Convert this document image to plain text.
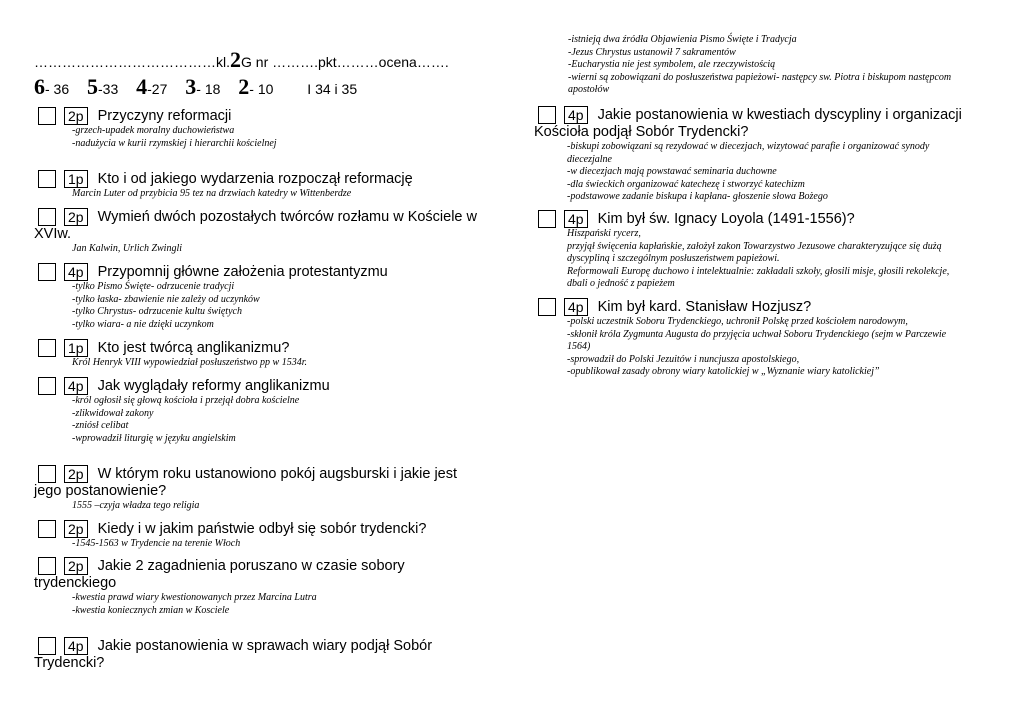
…………………………………kl.2G nr ……….pkt………ocena…….
6- 36 5-33 4-27 3- 18 2- 10 I 34 i 35
2p Przyczyny reformacji
-grzech-upadek moralny duchowieństwa
-nadużycia w kurii rzymskiej i hierarchii kościelnej
1p Kto i od jakiego wydarzenia rozpoczął reformację
Marcin Luter od przybicia 95 tez na drzwiach katedry w Wittenberdze
2p Wymień dwóch pozostałych twórców rozłamu w Kościele w
XVIw.
Jan Kalwin, Urlich Zwingli
4p Przypomnij główne założenia protestantyzmu
-tylko Pismo Święte- odrzucenie tradycji
-tylko łaska- zbawienie nie zależy od uczynków
-tylko Chrystus- odrzucenie kultu świętych
-tylko wiara- a nie dzięki uczynkom
1p Kto jest twórcą anglikanizmu?
Król Henryk VIII wypowiedział posłuszeństwo pp w 1534r.
4p Jak wyglądały reformy anglikanizmu
-król ogłosił się głową kościoła i przejął dobra kościelne
-zlikwidował zakony
-zniósł celibat
-wprowadził liturgię w języku angielskim
2p W którym roku ustanowiono pokój augsburski i jakie jest
jego postanowienie?
1555 –czyja władza tego religia
2p Kiedy i w jakim państwie odbył się sobór trydencki?
-1545-1563 w Trydencie na terenie Włoch
2p Jakie 2 zagadnienia poruszano w czasie sobory
trydenckiego
-kwestia prawd wiary kwestionowanych przez Marcina Lutra
-kwestia koniecznych zmian w Kosciele
4p Jakie postanowienia w sprawach wiary podjął Sobór
Trydencki?
-istnieją dwa źródła Objawienia Pismo Święte i Tradycja
-Jezus Chrystus ustanowił 7 sakramentów
-Eucharystia nie jest symbolem, ale rzeczywistością
-wierni są zobowiązani do posłuszeństwa papieżowi- następcy sw. Piotra i biskupom następcom
apostołów
4p Jakie postanowienia w kwestiach dyscypliny i organizacji
Kościoła podjął Sobór Trydencki?
-biskupi zobowiązani są rezydować w diecezjach, wizytować parafie i organizować synody
diecezjalne
-w diecezjach mają powstawać seminaria duchowne
-dla świeckich organizować katechezę i stworzyć katechizm
-podstawowe zadanie biskupa i kapłana- głoszenie słowa Bożego
4p Kim był św. Ignacy Loyola (1491-1556)?
Hiszpański rycerz,
przyjął święcenia kapłańskie, założył zakon Towarzystwo Jezusowe charakteryzujące się dużą
dyscypliną i szczególnym posłuszeństwem papieżowi.
Reformowali Europę duchowo i intelektualnie: zakładali szkoły, głosili misje, głosili rekolekcje,
dbali o jedność z papieżem
4p Kim był kard. Stanisław Hozjusz?
-polski uczestnik Soboru Trydenckiego, uchronił Polskę przed kościołem narodowym,
-skłonił króla Zygmunta Augusta do przyjęcia uchwał Soboru Trydenckiego (sejm w Parczewie
1564)
-sprowadził do Polski Jezuitów i nuncjusza apostolskiego,
-opublikował zasady obrony wiary katolickiej w „Wyznanie wiary katolickiej”
